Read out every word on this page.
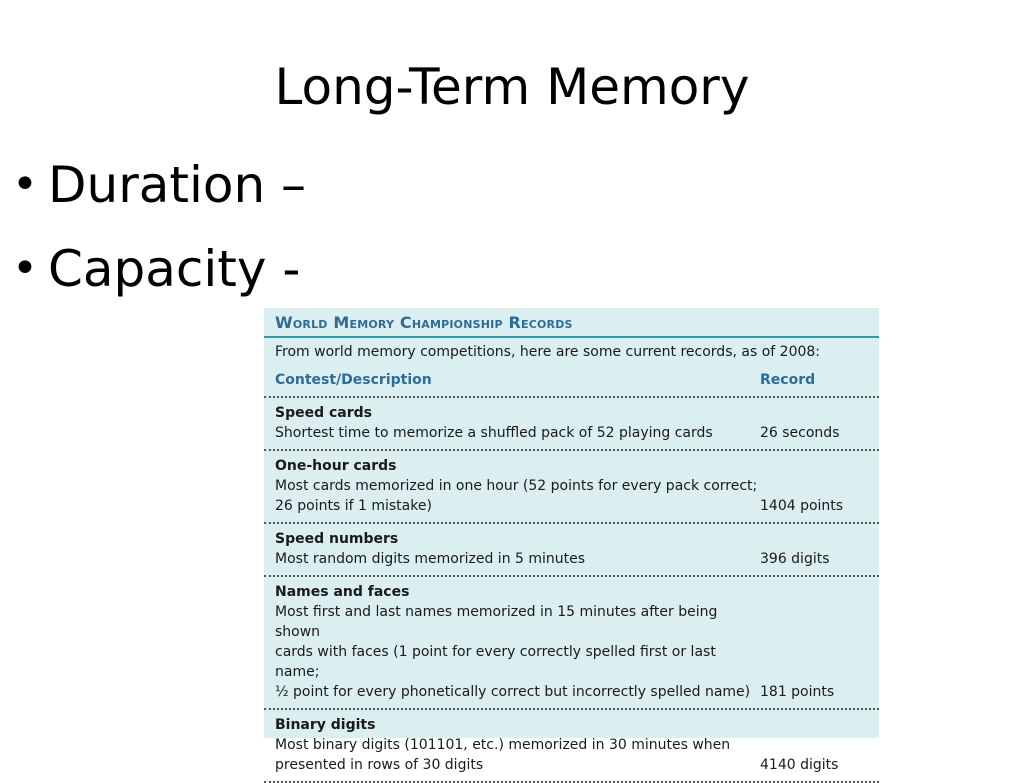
Long-Term Memory
• Duration –
• Capacity -
World Memory Championship Records
From world memory competitions, here are some current records, as of 2008:
Contest/Description	Record
Speed cards
Shortest time to memorize a shuffled pack of 52 playing cards	26 seconds
One-hour cards
Most cards memorized in one hour (52 points for every pack correct;
26 points if 1 mistake)	1404 points
Speed numbers
Most random digits memorized in 5 minutes	396 digits
Names and faces
Most first and last names memorized in 15 minutes after being shown
cards with faces (1 point for every correctly spelled first or last name;
½ point for every phonetically correct but incorrectly spelled name) 181 points
Binary digits
Most binary digits (101101, etc.) memorized in 30 minutes when
presented in rows of 30 digits	4140 digits
